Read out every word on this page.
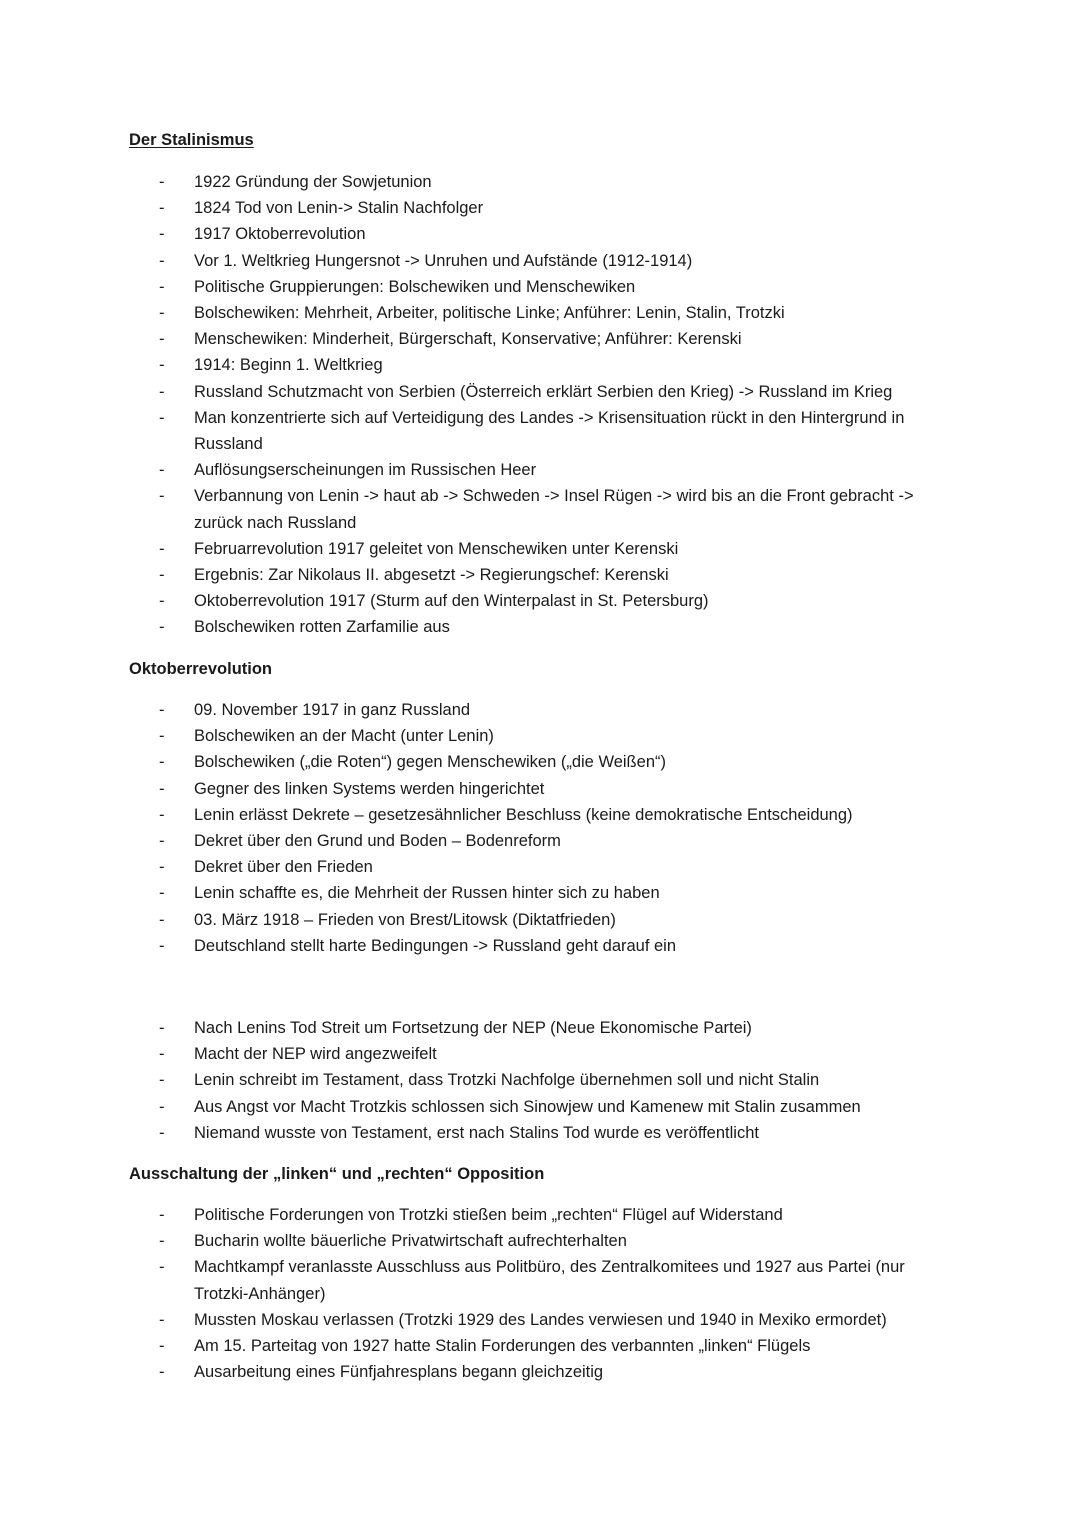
Der Stalinismus
- 1922 Gründung der Sowjetunion
- 1824 Tod von Lenin-> Stalin Nachfolger
- 1917 Oktoberrevolution
- Vor 1. Weltkrieg Hungersnot -> Unruhen und Aufstände (1912-1914)
- Politische Gruppierungen: Bolschewiken und Menschewiken
- Bolschewiken: Mehrheit, Arbeiter, politische Linke; Anführer: Lenin, Stalin, Trotzki
- Menschewiken: Minderheit, Bürgerschaft, Konservative; Anführer: Kerenski
- 1914: Beginn 1. Weltkrieg
- Russland Schutzmacht von Serbien (Österreich erklärt Serbien den Krieg) -> Russland im Krieg
- Man konzentrierte sich auf Verteidigung des Landes -> Krisensituation rückt in den Hintergrund in Russland
- Auflösungserscheinungen im Russischen Heer
- Verbannung von Lenin -> haut ab -> Schweden -> Insel Rügen -> wird bis an die Front gebracht -> zurück nach Russland
- Februarrevolution 1917 geleitet von Menschewiken unter Kerenski
- Ergebnis: Zar Nikolaus II. abgesetzt -> Regierungschef: Kerenski
- Oktoberrevolution 1917 (Sturm auf den Winterpalast in St. Petersburg)
- Bolschewiken rotten Zarfamilie aus
Oktoberrevolution
- 09. November 1917 in ganz Russland
- Bolschewiken an der Macht (unter Lenin)
- Bolschewiken („die Roten“) gegen Menschewiken („die Weißen“)
- Gegner des linken Systems werden hingerichtet
- Lenin erlässt Dekrete – gesetzesähnlicher Beschluss (keine demokratische Entscheidung)
- Dekret über den Grund und Boden – Bodenreform
- Dekret über den Frieden
- Lenin schaffte es, die Mehrheit der Russen hinter sich zu haben
- 03. März 1918 – Frieden von Brest/Litowsk (Diktatfrieden)
- Deutschland stellt harte Bedingungen -> Russland geht darauf ein
- Nach Lenins Tod Streit um Fortsetzung der NEP (Neue Ekonomische Partei)
- Macht der NEP wird angezweifelt
- Lenin schreibt im Testament, dass Trotzki Nachfolge übernehmen soll und nicht Stalin
- Aus Angst vor Macht Trotzkis schlossen sich Sinowjew und Kamenew mit Stalin zusammen
- Niemand wusste von Testament, erst nach Stalins Tod wurde es veröffentlicht
Ausschaltung der „linken“ und „rechten“ Opposition
- Politische Forderungen von Trotzki stießen beim „rechten“ Flügel auf Widerstand
- Bucharin wollte bäuerliche Privatwirtschaft aufrechterhalten
- Machtkampf veranlasste Ausschluss aus Politbüro, des Zentralkomitees und 1927 aus Partei (nur Trotzki-Anhänger)
- Mussten Moskau verlassen (Trotzki 1929 des Landes verwiesen und 1940 in Mexiko ermordet)
- Am 15. Parteitag von 1927 hatte Stalin Forderungen des verbannten „linken“ Flügels
- Ausarbeitung eines Fünfjahresplans begann gleichzeitig
